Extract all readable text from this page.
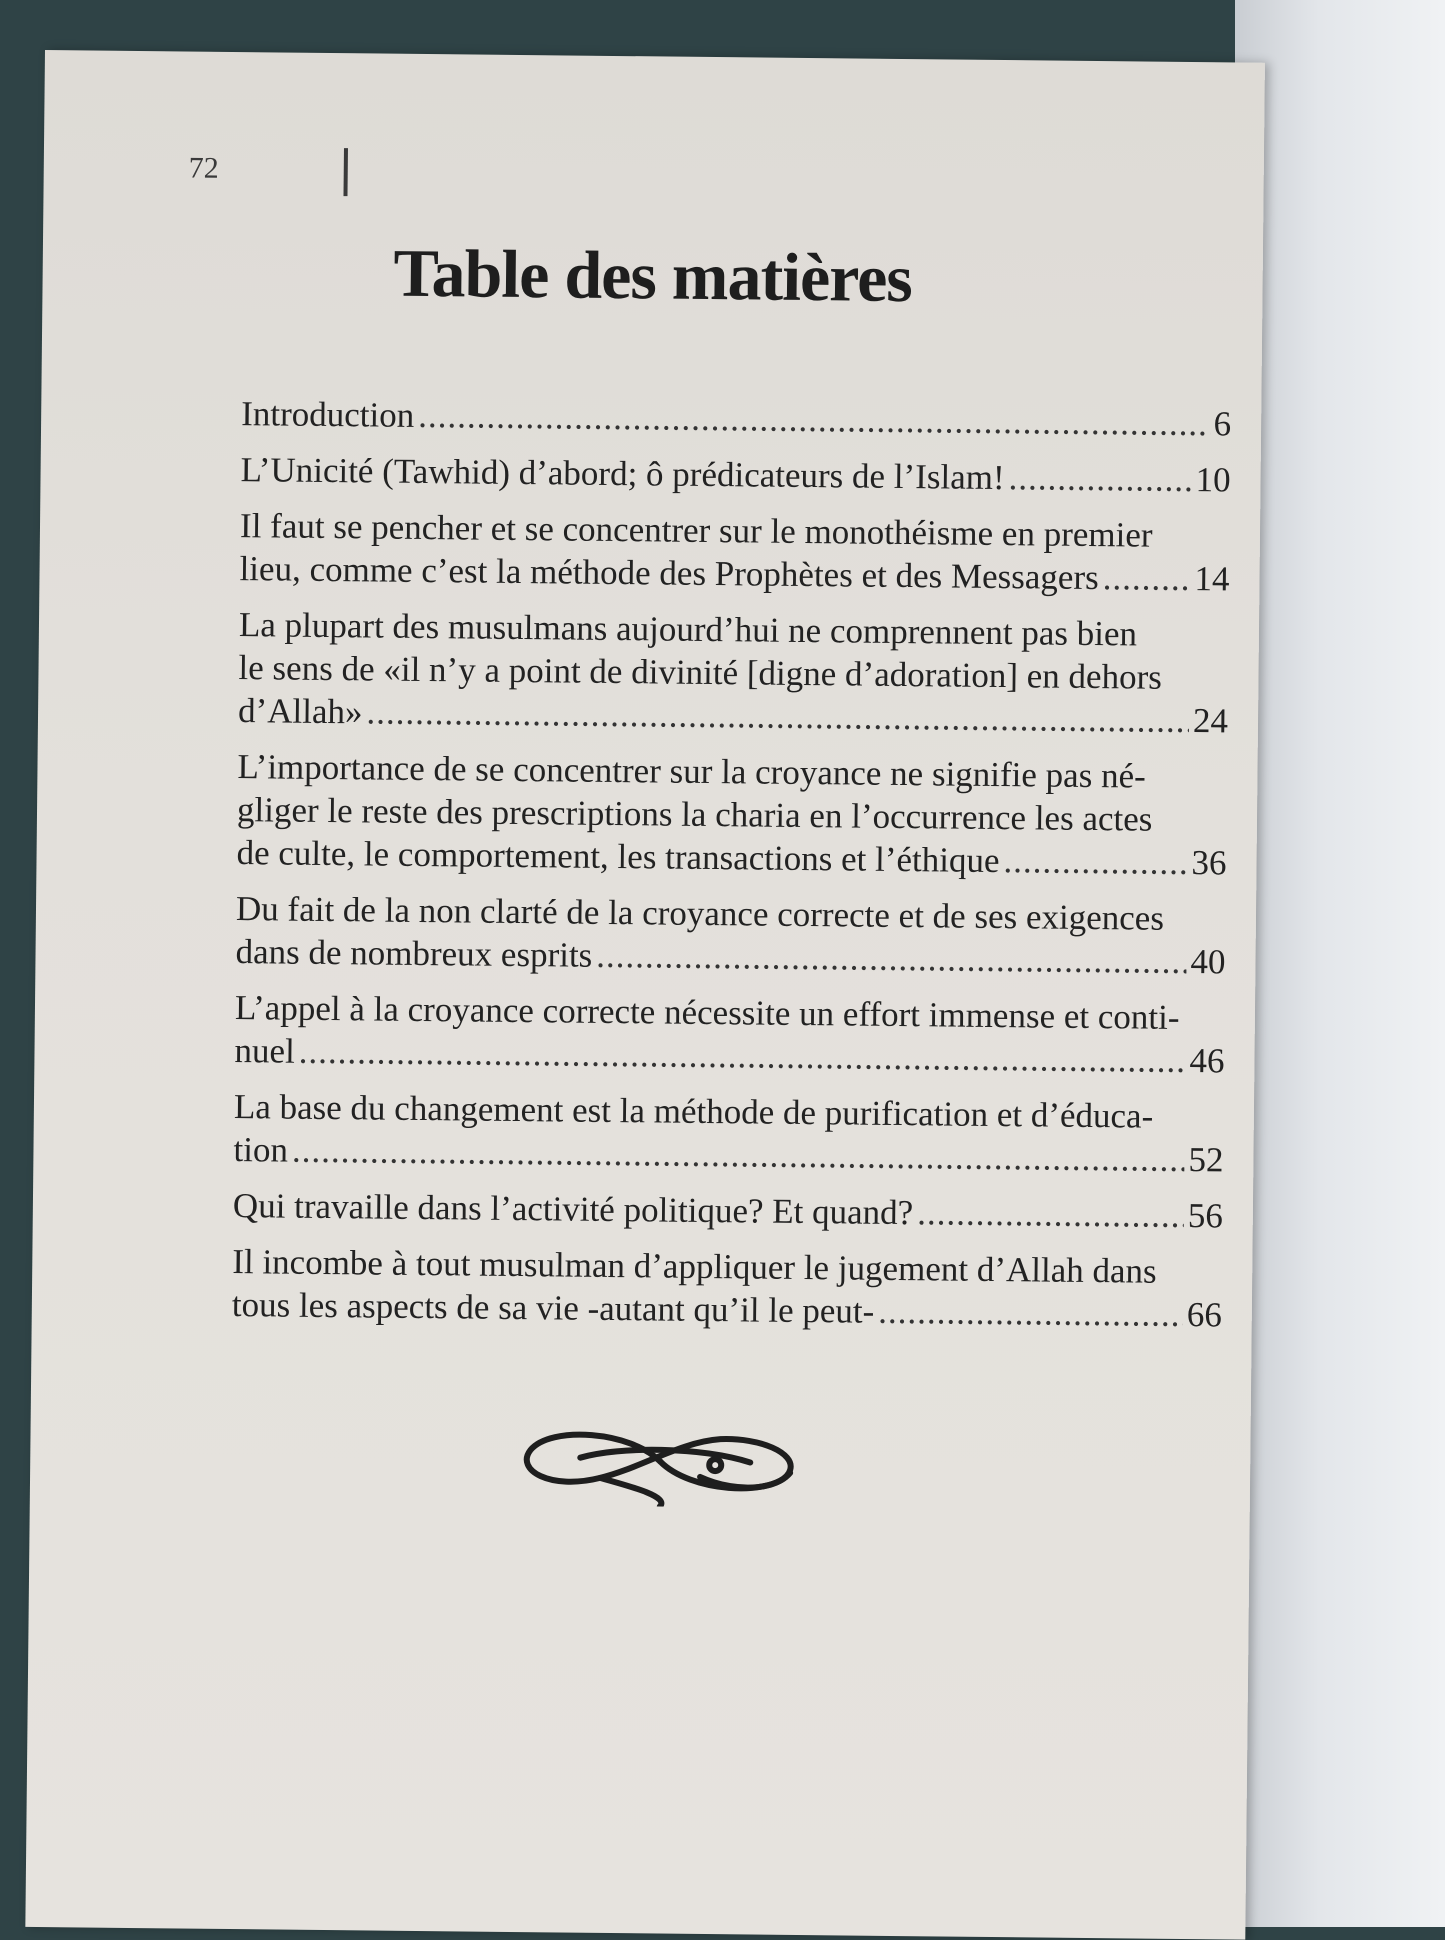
72
Table des matières
Introduction .....	6
L’Unicité (Tawhid) d’abord; ô prédicateurs de l’Islam! .....	10
Il faut se pencher et se concentrer sur le monothéisme en premier
lieu, comme c’est la méthode des Prophètes et des Messagers .....	14
La plupart des musulmans aujourd’hui ne comprennent pas bien
le sens de «il n’y a point de divinité [digne d’adoration] en dehors
d’Allah» .....	24
L’importance de se concentrer sur la croyance ne signifie pas né-
gliger le reste des prescriptions la charia en l’occurrence les actes
de culte, le comportement, les transactions et l’éthique .....	36
Du fait de la non clarté de la croyance correcte et de ses exigences
dans de nombreux esprits .....	40
L’appel à la croyance correcte nécessite un effort immense et conti-
nuel .....	46
La base du changement est la méthode de purification et d’éduca-
tion .....	52
Qui travaille dans l’activité politique? Et quand? .....	56
Il incombe à tout musulman d’appliquer le jugement d’Allah dans
tous les aspects de sa vie -autant qu’il le peut- .....	66
